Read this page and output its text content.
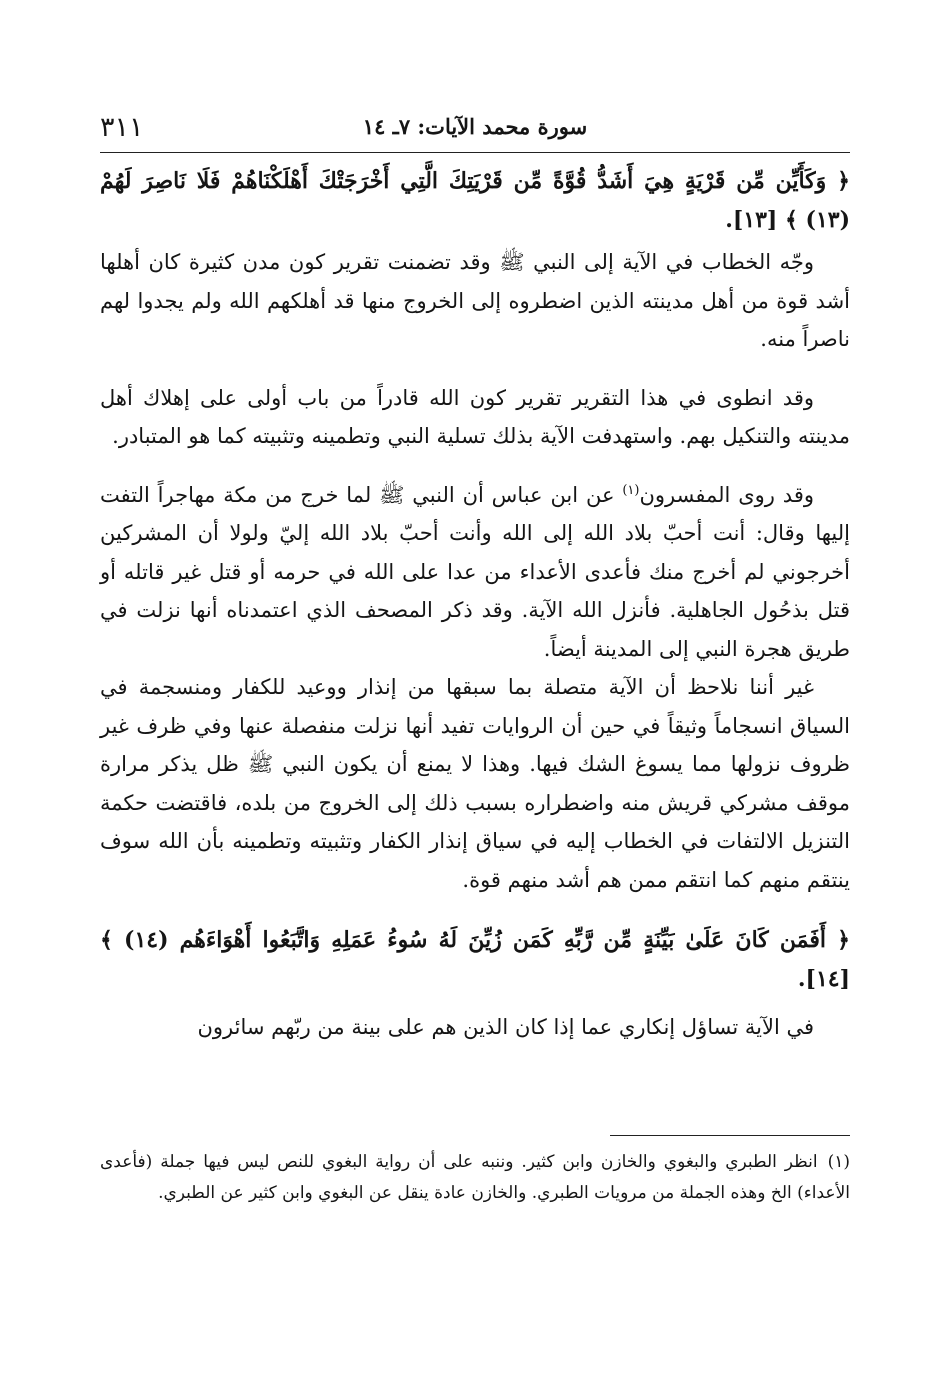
٣١١	سورة محمد الآيات: ٧ـ ١٤

﴿ وَكَأَيِّن مِّن قَرْيَةٍ هِيَ أَشَدُّ قُوَّةً مِّن قَرْيَتِكَ الَّتِي أَخْرَجَتْكَ أَهْلَكْنَاهُمْ فَلَا نَاصِرَ لَهُمْ (١٣) ﴾ [١٣].

وجّه الخطاب في الآية إلى النبي ﷺ وقد تضمنت تقرير كون مدن كثيرة كان أهلها أشد قوة من أهل مدينته الذين اضطروه إلى الخروج منها قد أهلكهم الله ولم يجدوا لهم ناصراً منه.

وقد انطوى في هذا التقرير تقرير كون الله قادراً من باب أولى على إهلاك أهل مدينته والتنكيل بهم. واستهدفت الآية بذلك تسلية النبي وتطمينه وتثبيته كما هو المتبادر.

وقد روى المفسرون$^{(١)}$ عن ابن عباس أن النبي ﷺ لما خرج من مكة مهاجراً التفت إليها وقال: أنت أحبّ بلاد الله إلى الله وأنت أحبّ بلاد الله إليّ ولولا أن المشركين أخرجوني لم أخرج منك فأعدى الأعداء من عدا على الله في حرمه أو قتل غير قاتله أو قتل بذحُول الجاهلية. فأنزل الله الآية. وقد ذكر المصحف الذي اعتمدناه أنها نزلت في طريق هجرة النبي إلى المدينة أيضاً.

غير أننا نلاحظ أن الآية متصلة بما سبقها من إنذار ووعيد للكفار ومنسجمة في السياق انسجاماً وثيقاً في حين أن الروايات تفيد أنها نزلت منفصلة عنها وفي ظرف غير ظروف نزولها مما يسوغ الشك فيها. وهذا لا يمنع أن يكون النبي ﷺ ظل يذكر مرارة موقف مشركي قريش منه واضطراره بسبب ذلك إلى الخروج من بلده، فاقتضت حكمة التنزيل الالتفات في الخطاب إليه في سياق إنذار الكفار وتثبيته وتطمينه بأن الله سوف ينتقم منهم كما انتقم ممن هم أشد منهم قوة.

﴿ أَفَمَن كَانَ عَلَىٰ بَيِّنَةٍ مِّن رَّبِّهِ كَمَن زُيِّنَ لَهُ سُوءُ عَمَلِهِ وَاتَّبَعُوا أَهْوَاءَهُم (١٤) ﴾ [١٤].

في الآية تساؤل إنكاري عما إذا كان الذين هم على بينة من ربّهم سائرون

(١)انظر الطبري والبغوي والخازن وابن كثير. وننبه على أن رواية البغوي للنص ليس فيها جملة (فأعدى الأعداء) الخ وهذه الجملة من مرويات الطبري. والخازن عادة ينقل عن البغوي وابن كثير عن الطبري.
